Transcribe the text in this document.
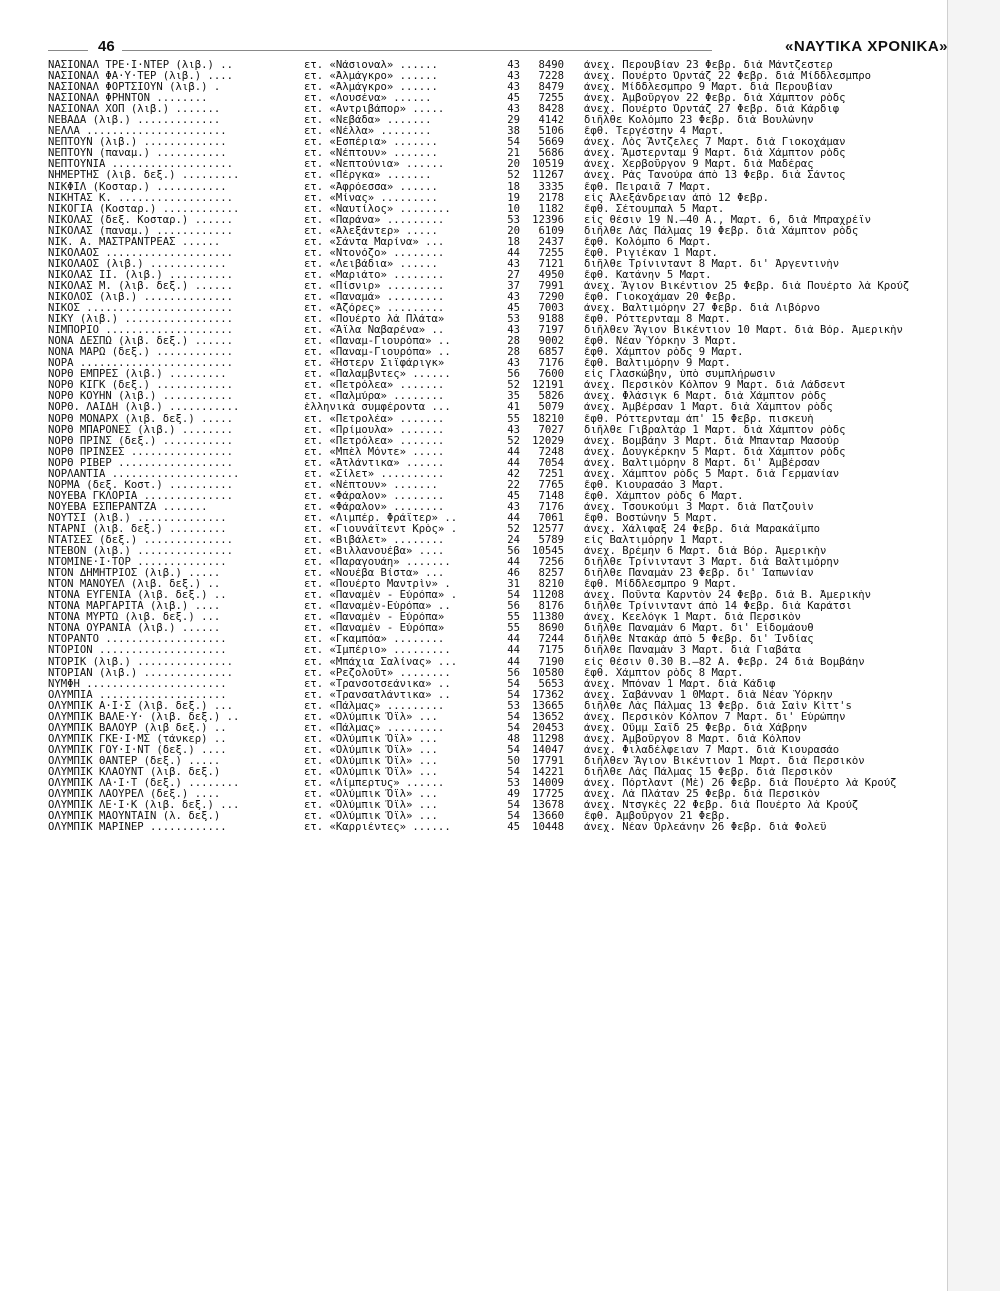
46	«ΝΑΥΤΙΚΑ ΧΡΟΝΙΚΑ»
ΝΑΣΙΟΝΑΛ ΤΡΕ·Ι·ΝΤΕΡ (λιβ.) ..	ετ. «Νάσιοναλ» ......	43	8490 ἀνεχ. Περουβίαν 23 Φεβρ. διὰ Μάντζεστερ
ΝΑΣΙΟΝΑΛ ΦΑ·Υ·ΤΕΡ (λιβ.) ....	ετ. «Ἀλμάγκρο» ......	43	7228 ἀνεχ. Πουέρτο Ὀρντάζ 22 Φεβρ. διὰ Μίδδλεσμπρο
ΝΑΣΙΟΝΑΛ ΦΟΡΤΣΙΟΥΝ (λιβ.) .	ετ. «Ἀλμάγκρο» ......	43	8479 ἀνεχ. Μίδδλεσμπρο 9 Μαρτ. διὰ Περουβίαν
ΝΑΣΙΟΝΑΛ ΦΡΗΝΤΟΝ ........	ετ. «Λουσένα» ......	45	7255 ἀνεχ. Ἀμβοῦργον 22 Φεβρ. διὰ Χάμπτον ρὸδς
ΝΑΣΙΟΝΑΛ ΧΟΠ (λιβ.) .......	ετ. «Αντριβάπορ» .....	43	8428 ἀνεχ. Πουέρτο Ὀρντάζ 27 Φεβρ. διὰ Κάρδιφ
ΝΕΒΑΔΑ (λιβ.) .............	ετ. «Νεβάδα» .......	29	4142 διῆλθε Κολόμπο 23 Φεβρ. διὰ Βουλώνην
ΝΕΛΛΑ ......................	ετ. «Νέλλα» ........	38	5106 ἔφθ. Τεργέστην 4 Μαρτ.
ΝΕΠΤΟΥΝ (λιβ.) .............	ετ. «Εσπέρια» .......	54	5669 ἀνεχ. Λὸς Ἄντζελες 7 Μαρτ. διὰ Γιοκοχάμαν
ΝΕΠΤΟΥΝ (παναμ.) ...........	ετ. «Νέπτουν» .......	21	5686 ἀνεχ. Ἄμστερνταμ 9 Μαρτ. διὰ Χάμπτον ρὸδς
ΝΕΠΤΟΥΝΙΑ ...................	ετ. «Νεπτούνια» ......	20	10519 ἀνεχ. Χερβοῦργον 9 Μαρτ. διὰ Μαδέρας
ΝΗΜΕΡΤΗΣ (λιβ. δεξ.) .........	ετ. «Πέργκα» .......	52	11267 ἀνεχ. Ρὰς Τανούρα ἀπὸ 13 Φεβρ. διὰ Σάντος
ΝΙΚΦΙΛ (Κοσταρ.) ...........	ετ. «Ἀφρόεσσα» ......	18	3335 ἔφθ. Πειραιᾶ 7 Μαρτ.
ΝΙΚΗΤΑΣ Κ. ..................	ετ. «Μίνας» .........	19	2178 εἰς Ἀλεξάνδρειαν ἀπὸ 12 Φεβρ.
ΝΙΚΟΓΙΑ (Κοσταρ.) ............	ετ. «Ναυτίλος» ........	10	1182 ἔφθ. Σέτουμπαλ 5 Μαρτ.
ΝΙΚΟΛΑΣ (δεξ. Κοσταρ.) ......	ετ. «Παράνα» .........	53	12396 εἰς θέσιν 19 Ν.—40 Α., Μαρτ. 6, διὰ Μπραχρέϊν
ΝΙΚΟΛΑΣ (παναμ.) ............	ετ. «Ἀλεξάντερ» .....	20	6109 διῆλθε Λὰς Πάλμας 19 Φεβρ. διὰ Χάμπτον ρὸδς
ΝΙΚ. Α. ΜΑΣΤΡΑΝΤΡΕΑΣ ......	ετ. «Σάντα Μαρίνα» ...	18	2437 ἔφθ. Κολόμπο 6 Μαρτ.
ΝΙΚΟΛΑΟΣ ....................	ετ. «Ντονόζο» ........	44	7255 ἔφθ. Ριγιέκαν 1 Μαρτ.
ΝΙΚΟΛΑΟΣ (λιβ.) ............	ετ. «Λειβάδια» ......	43	7121 διῆλθε Τρίνινταντ 8 Μαρτ. δι' Ἀργεντινὴν
ΝΙΚΟΛΑΣ ΙΙ. (λιβ.) ..........	ετ. «Μαριάτο» ........	27	4950 ἔφθ. Κατάνην 5 Μαρτ.
ΝΙΚΟΛΑΣ Μ. (λιβ. δεξ.) ......	ετ. «Πίσνιρ» .........	37	7991 ἀνεχ. Ἅγιον Βικέντιον 25 Φεβρ. διὰ Πουέρτο λὰ Κρούζ
ΝΙΚΟΛΟΣ (λιβ.) ..............	ετ. «Παναμά» .........	43	7290 ἔφθ. Γιοκοχάμαν 20 Φεβρ.
ΝΙΚΟΣ .......................	ετ. «Ἀζόρες» .........	45	7003 ἀνεχ. Βαλτιμόρην 27 Φεβρ. διὰ Λιβόρνο
ΝΙΚΥ (λιβ.) .................	ετ. «Πουέρτο λὰ Πλάτα»	53	9188 ἔφθ. Ρόττερνταμ 8 Μαρτ.
ΝΙΜΠΟΡΙΟ ....................	ετ. «Ἄϊλα Ναβαρένα» ..	43	7197 διῆλθεν Ἅγιον Βικέντιον 10 Μαρτ. διὰ Βόρ. Ἀμερικὴν
ΝΟΝΑ ΔΕΣΠΩ (λιβ. δεξ.) ......	ετ. «Παναμ-Γιουρόπα» ..	28	9002 ἔφθ. Νέαν Ὑόρκην 3 Μαρτ.
ΝΟΝΑ ΜΑΡΩ (δεξ.) ............	ετ. «Παναμ-Γιουρόπα» ..	28	6857 ἔφθ. Χάμπτον ρὸδς 9 Μαρτ.
ΝΟΡΑ ........................	ετ. «Ἥστερν Σιϊφάριγκ»	43	7176 ἔφθ. Βαλτιμόρην 9 Μαρτ.
ΝΟΡΘ ΕΜΠΡΕΣ (λιβ.) .........	ετ. «Παλαμβντες» ......	56	7600 εἰς Γλασκώβην, ὑπὸ συμπλήρωσιν
ΝΟΡΘ ΚΙΓΚ (δεξ.) ............	ετ. «Πετρόλεα» .......	52	12191 ἀνεχ. Περσικὸν Κόλπον 9 Μαρτ. διὰ Λάδσεντ
ΝΟΡΘ ΚΟΥΗΝ (λιβ.) ...........	ετ. «Παλμύρα» ........	35	5826 ἀνεχ. Φλάσιγκ 6 Μαρτ. διὰ Χάμπτον ρὸδς
ΝΟΡΘ. ΛΑΙΔΗ (λιβ.) ...........	ἑλληνικὰ συμφέροντα ...	41	5079 ἀνεχ. Ἀμβέρσαν 1 Μαρτ. διὰ Χάμπτον ρὸδς
ΝΟΡΘ ΜΟΝΑΡΧ (λιβ. δεξ.) .....	ετ. «Πετρολέα» .......	55	18210 ἔφθ. Ρόττερνταμ ἀπ' 15 Φεβρ. πισκευὴ
ΝΟΡΘ ΜΠΑΡΟΝΕΣ (λιβ.) ........	ετ. «Πρίμουλα» .......	43	7027 διῆλθε Γιβραλτὰρ 1 Μαρτ. διὰ Χάμπτον ρὸδς
ΝΟΡΘ ΠΡΙΝΣ (δεξ.) ...........	ετ. «Πετρόλεα» .......	52	12029 ἀνεχ. Βομβάην 3 Μαρτ. διὰ Μπανταρ Μασούρ
ΝΟΡΘ ΠΡΙΝΣΕΣ ................	ετ. «Μπὲλ Μόντε» .....	44	7248 ἀνεχ. Δουγκέρκην 5 Μαρτ. διὰ Χάμπτον ρὸδς
ΝΟΡΘ ΡΙΒΕΡ ..................	ετ. «Ἀτλάντικα» ......	44	7054 ἀνεχ. Βαλτιμόρην 8 Μαρτ. δι' Ἀμβέρσαν
ΝΟΡΛΑΝΤΙΑ ....................	ετ. «Σίλετ» ..........	42	7251 ἀνεχ. Χάμπτον ρὸδς 5 Μαρτ. διὰ Γερμανίαν
ΝΟΡΜΑ (δεξ. Κοστ.) ..........	ετ. «Νέπτουν» .......	22	7765 ἔφθ. Κιουρασάο 3 Μαρτ.
ΝΟΥΕΒΑ ΓΚΛΟΡΙΑ ..............	ετ. «Φάραλον» ........	45	7148 ἔφθ. Χάμπτον ρὸδς 6 Μαρτ.
ΝΟΥΕΒΑ ΕΣΠΕΡΑΝΤΖΑ .......	ετ. «Φάραλον» ........	43	7176 ἀνεχ. Τσουκούμι 3 Μαρτ. διὰ Πατζουὶν
ΝΟΥΤΣΙ (λιβ.) ..............	ετ. «Λιμπέρ. Φράϊτερ» ..	44	7061 ἔφθ. Βοστώνην 5 Μαρτ.
ΝΤΑΡΝΙ (λιβ. δεξ.) .........	ετ. «Γιουνάϊτεντ Κρὸς» .	52	12577 ἀνεχ. Χάλιφαξ 24 Φεβρ. διὰ Μαρακάϊμπο
ΝΤΑΤΣΕΣ (δεξ.) ..............	ετ. «Βιβάλετ» ........	24	5789 εἰς Βαλτιμόρην 1 Μαρτ.
ΝΤΕΒΟΝ (λιβ.) ...............	ετ. «Βιλλανουέβα» ....	56	10545 ἀνεχ. Βρέμην 6 Μαρτ. διὰ Βόρ. Ἀμερικὴν
ΝΤΟΜΙΝΕ·Ι·ΤΟΡ ..............	ετ. «Παραγουάη» .......	44	7256 διῆλθε Τρίνινταντ 3 Μαρτ. διὰ Βαλτιμόρην
ΝΤΟΝ ΔΗΜΗΤΡΙΟΣ (λιβ.) .....	ετ. «Νουέβα Βίστα» ...	46	8257 διῆλθε Παναμὰν 23 Φεβρ. δι' Ἰαπωνίαν
ΝΤΟΝ ΜΑΝΟΥΕΛ (λιβ. δεξ.) ..	ετ. «Πουέρτο Μαντρὶν» .	31	8210 ἔφθ. Μίδδλεσμπρο 9 Μαρτ.
ΝΤΟΝΑ ΕΥΓΕΝΙΑ (λιβ. δεξ.) ..	ετ. «Παναμὲν - Εὐρόπα» .	54	11208 ἀνεχ. Ποῦντα Καρντὸν 24 Φεβρ. διὰ Β. Ἀμερικὴν
ΝΤΟΝΑ ΜΑΡΓΑΡΙΤΑ (λιβ.) ....	ετ. «Παναμὲν-Εὐρόπα» ..	56	8176 διῆλθε Τρίνινταντ ἀπὸ 14 Φεβρ. διὰ Καράτσι
ΝΤΟΝΑ ΜΥΡΤΩ (λιβ. δεξ.) ...	ετ. «Παναμὲν - Εὐρόπα»	55	11380 ἀνεχ. Κεελόγκ 1 Μαρτ. διὰ Περσικὸν
ΝΤΟΝΑ ΟΥΡΑΝΙΑ (λιβ.) ......	ετ. «Παναμὲν - Εὐρόπα»	55	8690 διῆλθε Παναμὰν 6 Μαρτ. δι' Εἰδομάουθ
ΝΤΟΡΑΝΤΟ ...................	ετ. «Γκαμπόα» ........	44	7244 διῆλθε Ντακὰρ ἀπὸ 5 Φεβρ. δι' Ἰνδίας
ΝΤΟΡΙΟΝ ....................	ετ. «Ἰμπέριο» .........	44	7175 διῆλθε Παναμὰν 3 Μαρτ. διὰ Γιαβάτα
ΝΤΟΡΙΚ (λιβ.) ...............	ετ. «Μπάχια Σαλίνας» ...	44	7190 εἰς θέσιν 0.30 Β.—82 Α. Φεβρ. 24 διὰ Βομβάην
ΝΤΟΡΙΑΝ (λιβ.) ..............	ετ. «Ρεζολοῦτ» ........	56	10580 ἔφθ. Χάμπτον ρὸδς 8 Μαρτ.
ΝΥΜΦΗ ......................	ετ. «Τρανσοτσεάνικα» ..	54	5653 ἀνεχ. Μπόναν 1 Μαρτ. διὰ Κάδιφ
ΟΛΥΜΠΙΑ ....................	ετ. «Τρανσατλάντικα» ..	54	17362 ἀνεχ. Σαβάνναν 1 0Μαρτ. διὰ Νέαν Ὑόρκην
ΟΛΥΜΠΙΚ Α·Ι·Σ (λιβ. δεξ.) ...	ετ. «Πάλμας» .........	53	13665 διῆλθε Λὰς Πάλμας 13 Φεβρ. διὰ Σαὶν Κὶττ's
ΟΛΥΜΠΙΚ ΒΑΛΕ·Υ· (λιβ. δεξ.) ..	ετ. «Ὀλύμπικ Ὄϊλ» ...	54	13652 ἀνεχ. Περσικὸν Κόλπον 7 Μαρτ. δι' Εὐρώπην
ΟΛΥΜΠΙΚ ΒΑΛΟΥΡ (λιβ δεξ.) ..	ετ. «Πάλμας» .........	54	20453 ἀνεχ. Οὔμμ Σαΐδ 25 Φεβρ. διὰ Χάβρην
ΟΛΥΜΠΙΚ ΓΚΕ·Ι·ΜΣ (τάνκερ) ..	ετ. «Ὀλύμπικ Ὄϊλ» ...	48	11298 ἀνεχ. Ἀμβοῦργον 8 Μαρτ. διὰ Κόλπον
ΟΛΥΜΠΙΚ ΓΟΥ·Ι·ΝΤ (δεξ.) ....	ετ. «Ὀλύμπικ Ὄϊλ» ...	54	14047 ἀνεχ. Φιλαδέλφειαν 7 Μαρτ. διὰ Κιουρασάο
ΟΛΥΜΠΙΚ ΘΑΝΤΕΡ (δεξ.) .....	ετ. «Ὀλύμπικ Ὄϊλ» ...	50	17791 διῆλθεν Ἅγιον Βικέντιον 1 Μαρτ. διὰ Περσικὸν
ΟΛΥΜΠΙΚ ΚΛΑΟΥΝΤ (λιβ. δεξ.)	ετ. «Ὀλύμπικ Ὄϊλ» ...	54	14221 διῆλθε Λὰς Πάλμας 15 Φεβρ. διὰ Περσικὸν
ΟΛΥΜΠΙΚ ΛΑ·Ι·Τ (δεξ.) ........	ετ. «Λίμπερτυς» ......	53	14009 ἀνεχ. Πόρτλαντ (Μὲ) 26 Φεβρ. διὰ Πουέρτο λὰ Κρούζ
ΟΛΥΜΠΙΚ ΛΑΟΥΡΕΛ (δεξ.) ....	ετ. «Ὀλύμπικ Ὄϊλ» ...	49	17725 ἀνεχ. Λὰ Πλάταν 25 Φεβρ. διὰ Περσικὸν
ΟΛΥΜΠΙΚ ΛΕ·Ι·Κ (λιβ. δεξ.) ...	ετ. «Ὀλύμπικ Ὄϊλ» ...	54	13678 ἀνεχ. Ντσγκὲς 22 Φεβρ. διὰ Πουέρτο λὰ Κρούζ
ΟΛΥΜΠΙΚ ΜΑΟΥΝΤΑΙΝ (λ. δεξ.)	ετ. «Ὀλύμπικ Ὄϊλ» ...	54	13660 ἔφθ. Ἀμβοῦργον 21 Φεβρ.
ΟΛΥΜΠΙΚ ΜΑΡΙΝΕΡ ............	ετ. «Καρριέντες» ......	45	10448 ἀνεχ. Νέαν Ὀρλεάνην 26 Φεβρ. διὰ Φολεϋ
